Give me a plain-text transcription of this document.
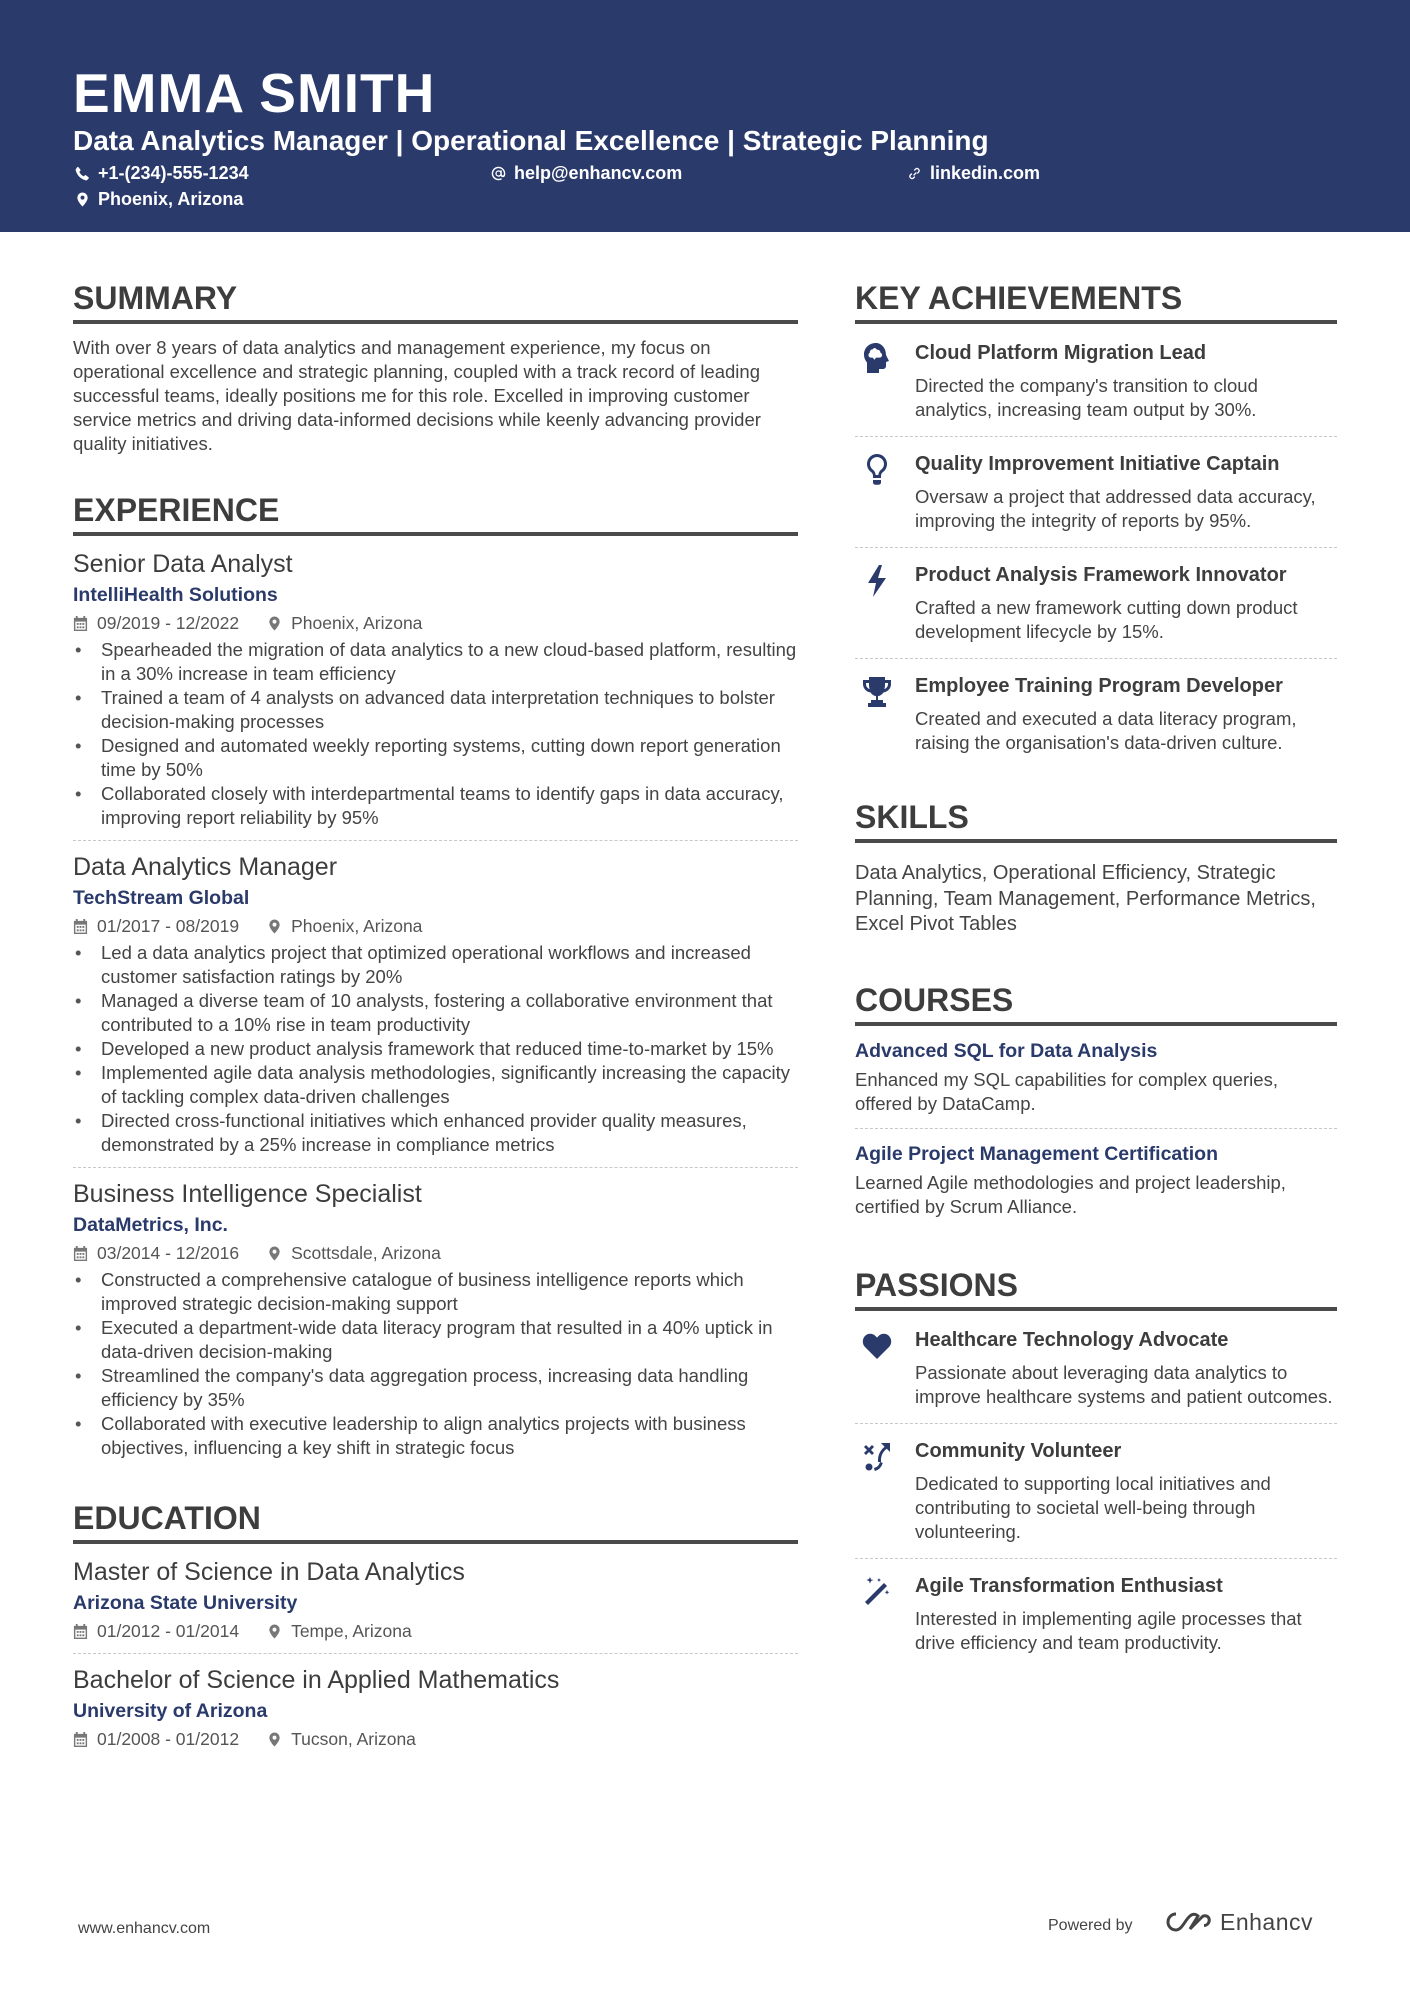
EMMA SMITH
Data Analytics Manager | Operational Excellence | Strategic Planning
+1-(234)-555-1234	help@enhancv.com	linkedin.com
Phoenix, Arizona
SUMMARY
With over 8 years of data analytics and management experience, my focus on operational excellence and strategic planning, coupled with a track record of leading successful teams, ideally positions me for this role. Excelled in improving customer service metrics and driving data-informed decisions while keenly advancing provider quality initiatives.
EXPERIENCE
Senior Data Analyst
IntelliHealth Solutions
09/2019 - 12/2022	Phoenix, Arizona
• Spearheaded the migration of data analytics to a new cloud-based platform, resulting in a 30% increase in team efficiency
• Trained a team of 4 analysts on advanced data interpretation techniques to bolster decision-making processes
• Designed and automated weekly reporting systems, cutting down report generation time by 50%
• Collaborated closely with interdepartmental teams to identify gaps in data accuracy, improving report reliability by 95%
Data Analytics Manager
TechStream Global
01/2017 - 08/2019	Phoenix, Arizona
• Led a data analytics project that optimized operational workflows and increased customer satisfaction ratings by 20%
• Managed a diverse team of 10 analysts, fostering a collaborative environment that contributed to a 10% rise in team productivity
• Developed a new product analysis framework that reduced time-to-market by 15%
• Implemented agile data analysis methodologies, significantly increasing the capacity of tackling complex data-driven challenges
• Directed cross-functional initiatives which enhanced provider quality measures, demonstrated by a 25% increase in compliance metrics
Business Intelligence Specialist
DataMetrics, Inc.
03/2014 - 12/2016	Scottsdale, Arizona
• Constructed a comprehensive catalogue of business intelligence reports which improved strategic decision-making support
• Executed a department-wide data literacy program that resulted in a 40% uptick in data-driven decision-making
• Streamlined the company's data aggregation process, increasing data handling efficiency by 35%
• Collaborated with executive leadership to align analytics projects with business objectives, influencing a key shift in strategic focus
EDUCATION
Master of Science in Data Analytics
Arizona State University
01/2012 - 01/2014	Tempe, Arizona
Bachelor of Science in Applied Mathematics
University of Arizona
01/2008 - 01/2012	Tucson, Arizona
KEY ACHIEVEMENTS
Cloud Platform Migration Lead
Directed the company's transition to cloud analytics, increasing team output by 30%.
Quality Improvement Initiative Captain
Oversaw a project that addressed data accuracy, improving the integrity of reports by 95%.
Product Analysis Framework Innovator
Crafted a new framework cutting down product development lifecycle by 15%.
Employee Training Program Developer
Created and executed a data literacy program, raising the organisation's data-driven culture.
SKILLS
Data Analytics, Operational Efficiency, Strategic Planning, Team Management, Performance Metrics, Excel Pivot Tables
COURSES
Advanced SQL for Data Analysis
Enhanced my SQL capabilities for complex queries, offered by DataCamp.
Agile Project Management Certification
Learned Agile methodologies and project leadership, certified by Scrum Alliance.
PASSIONS
Healthcare Technology Advocate
Passionate about leveraging data analytics to improve healthcare systems and patient outcomes.
Community Volunteer
Dedicated to supporting local initiatives and contributing to societal well-being through volunteering.
Agile Transformation Enthusiast
Interested in implementing agile processes that drive efficiency and team productivity.
www.enhancv.com	Powered by	Enhancv
